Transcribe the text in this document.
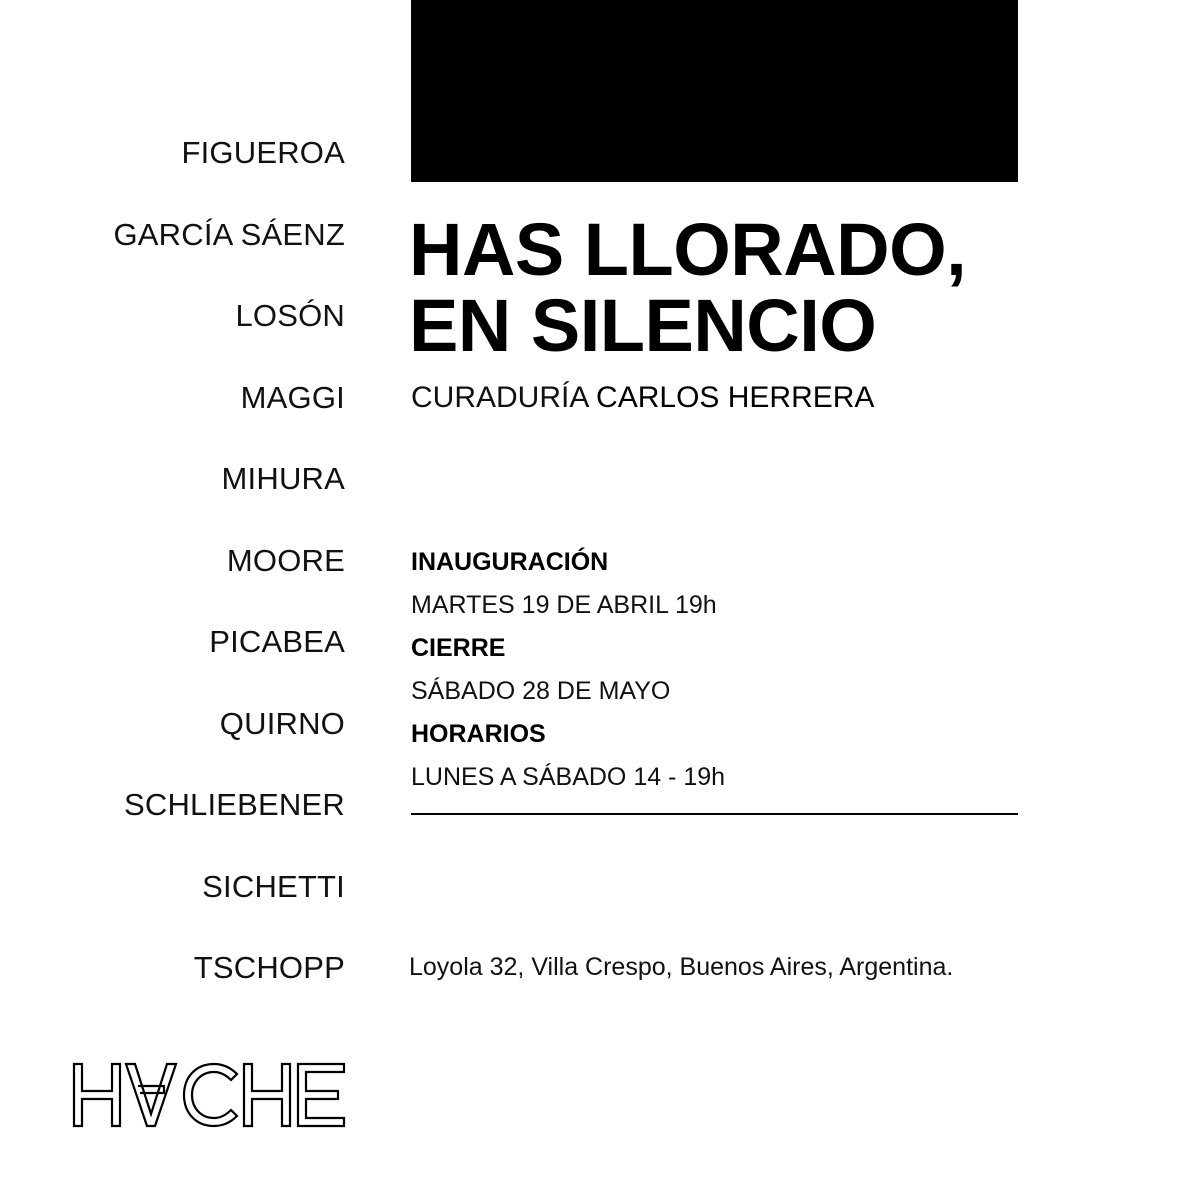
FIGUEROA
GARCÍA SÁENZ
LOSÓN
MAGGI
MIHURA
MOORE
PICABEA
QUIRNO
SCHLIEBENER
SICHETTI
TSCHOPP
HAS LLORADO,
EN SILENCIO
CURADURÍA CARLOS HERRERA
INAUGURACIÓN
MARTES 19 DE ABRIL 19h
CIERRE
SÁBADO 28 DE MAYO
HORARIOS
LUNES A SÁBADO 14 - 19h
Loyola 32, Villa Crespo, Buenos Aires, Argentina.
